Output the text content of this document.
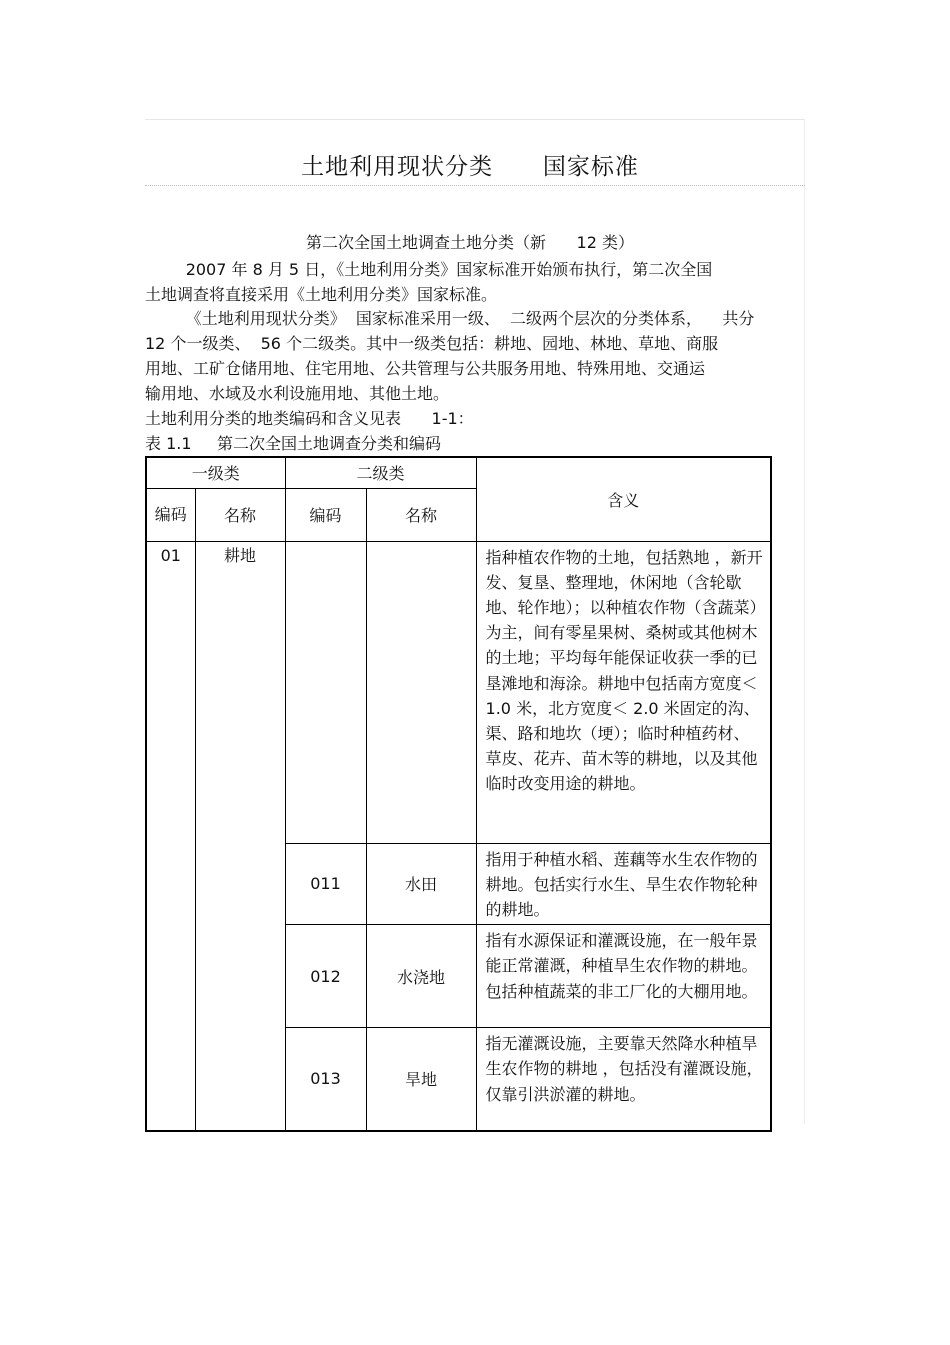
土地利用现状分类      国家标准
第二次全国土地调查土地分类（新      12 类）
2007 年 8 月 5 日，《土地利用分类》国家标准开始颁布执行，第二次全国
土地调查将直接采用《土地利用分类》国家标准。
《土地利用现状分类》  国家标准采用一级、  二级两个层次的分类体系，    共分
12 个一级类、  56 个二级类。其中一级类包括：耕地、园地、林地、草地、商服
用地、工矿仓储用地、住宅用地、公共管理与公共服务用地、特殊用地、交通运
输用地、水域及水利设施用地、其他土地。
土地利用分类的地类编码和含义见表      1-1：
表 1.1     第二次全国土地调查分类和编码
一级类		二级类		含义
编码	名称	编码	名称	
01	耕地			指种植农作物的土地，包括熟地 ，新开发、复垦、整理地，休闲地（含轮歇地、轮作地）；以种植农作物（含蔬菜）为主，间有零星果树、桑树或其他树木的土地；平均每年能保证收获一季的已垦滩地和海涂。耕地中包括南方宽度＜1.0 米，北方宽度＜ 2.0 米固定的沟、渠、路和地坎（埂）；临时种植药材、草皮、花卉、苗木等的耕地，以及其他临时改变用途的耕地。
		011	水田	指用于种植水稻、莲藕等水生农作物的耕地。包括实行水生、旱生农作物轮种的耕地。
		012	水浇地	指有水源保证和灌溉设施，在一般年景能正常灌溉，种植旱生农作物的耕地。包括种植蔬菜的非工厂化的大棚用地。
		013	旱地	指无灌溉设施，主要靠天然降水种植旱生农作物的耕地 ，包括没有灌溉设施，仅靠引洪淤灌的耕地。
